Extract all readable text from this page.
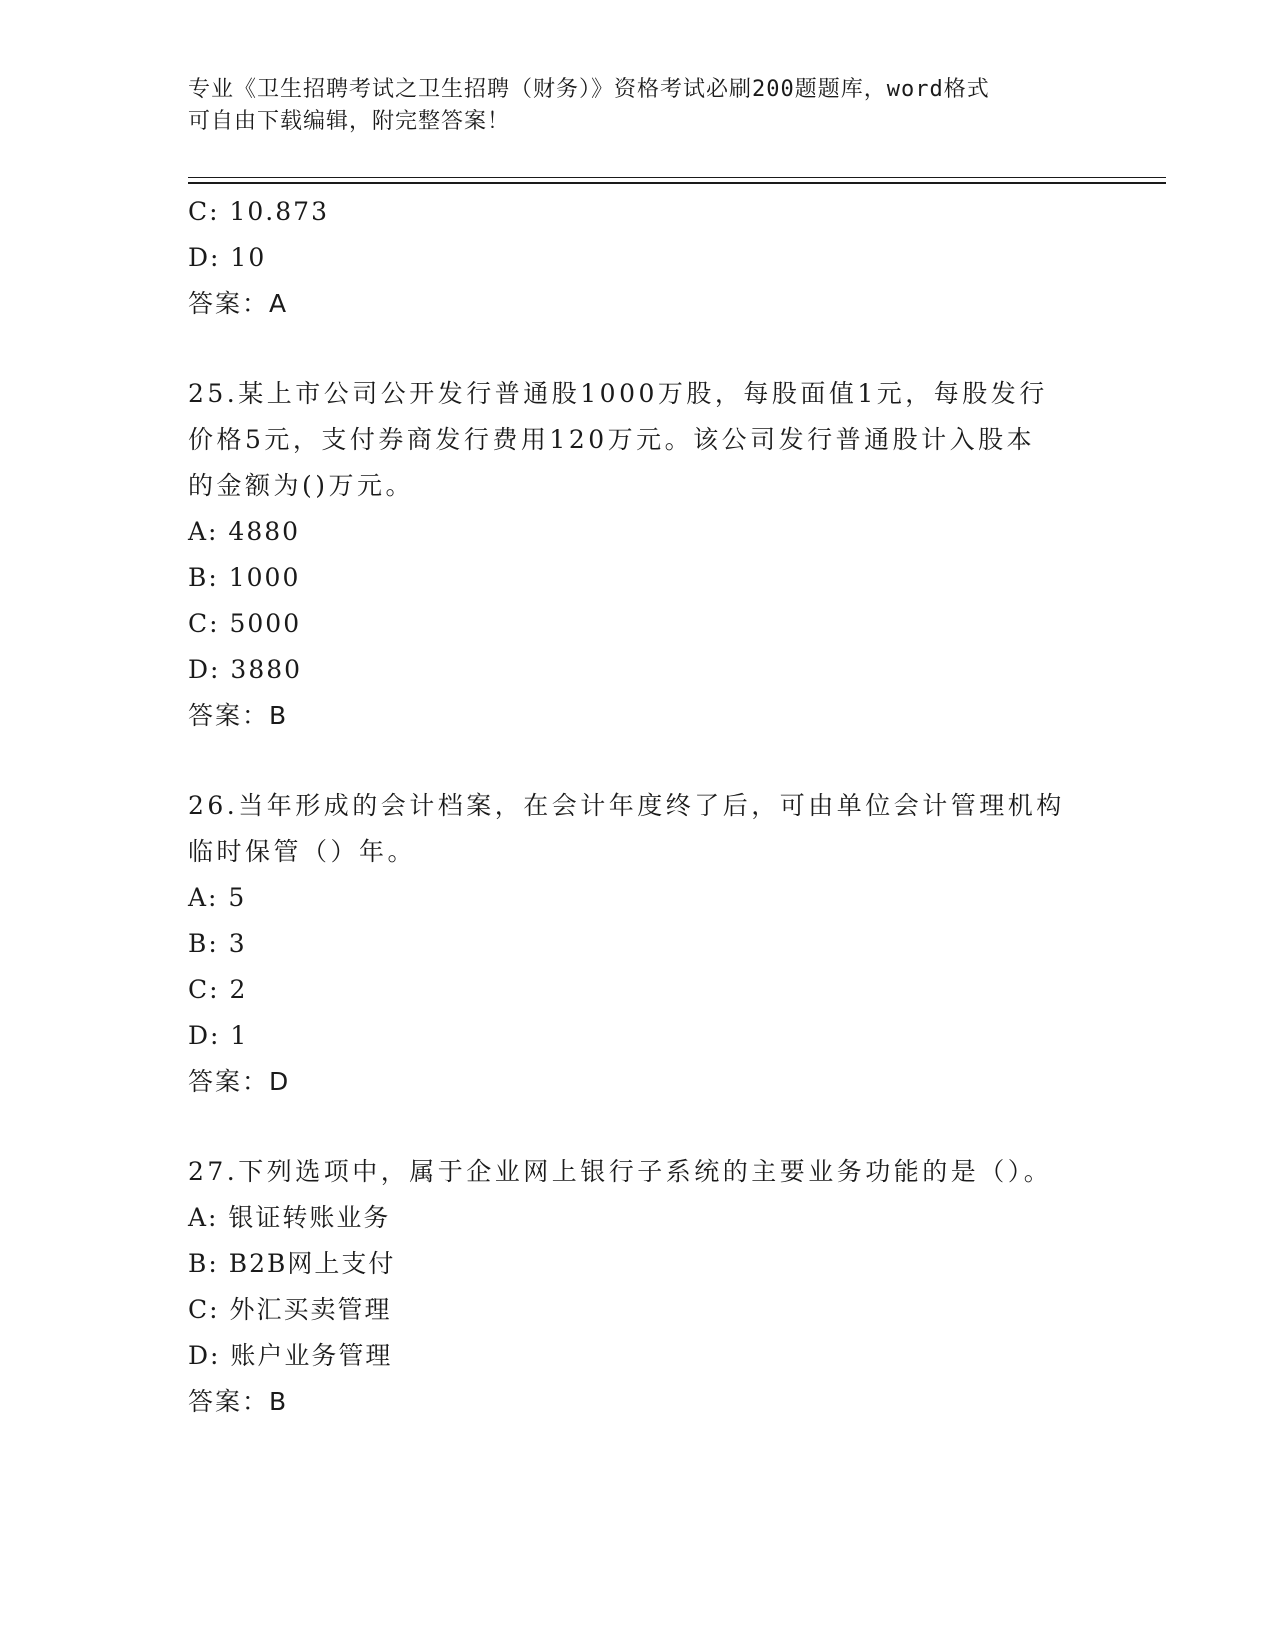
专业《卫生招聘考试之卫生招聘（财务）》资格考试必刷200题题库，word格式
可自由下载编辑，附完整答案！
C: 10.873
D: 10
答案：A
25.某上市公司公开发行普通股1000万股，每股面值1元，每股发行
价格5元，支付券商发行费用120万元。该公司发行普通股计入股本
的金额为()万元。
A: 4880
B: 1000
C: 5000
D: 3880
答案：B
26.当年形成的会计档案，在会计年度终了后，可由单位会计管理机构
临时保管（）年。
A: 5
B: 3
C: 2
D: 1
答案：D
27.下列选项中，属于企业网上银行子系统的主要业务功能的是（）。
A: 银证转账业务
B: B2B网上支付
C: 外汇买卖管理
D: 账户业务管理
答案：B
